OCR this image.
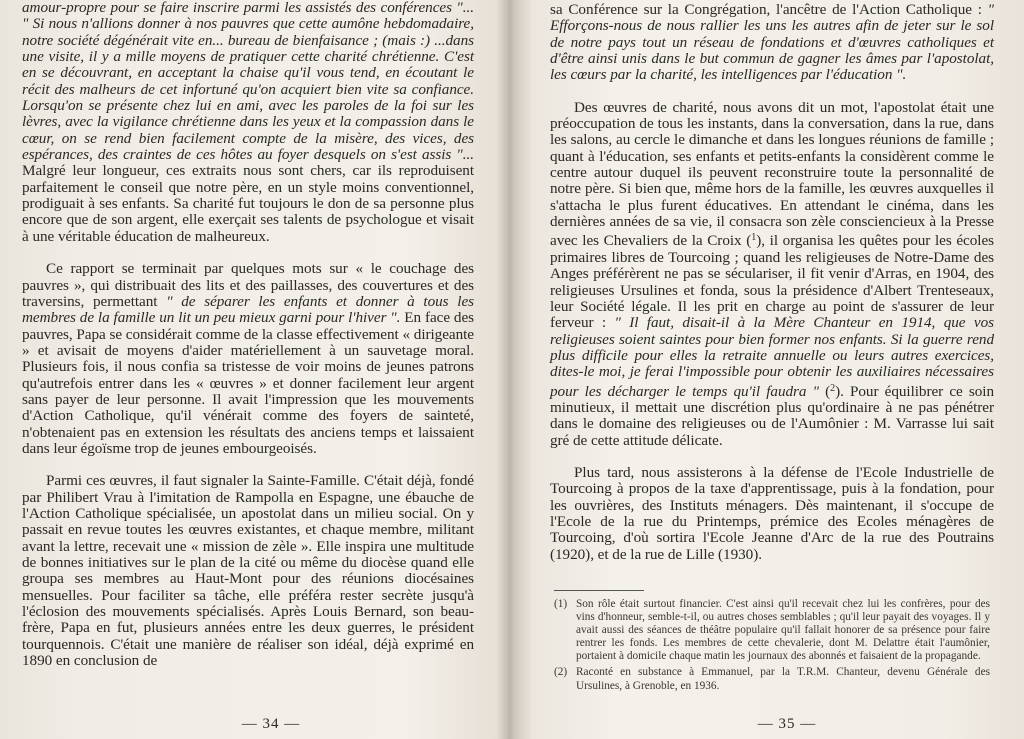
amour-propre pour se faire inscrire parmi les assistés des conférences "... " Si nous n'allions donner à nos pauvres que cette aumône hebdomadaire, notre société dégénérait vite en... bureau de bienfaisance ; (mais :) ...dans une visite, il y a mille moyens de pratiquer cette charité chrétienne. C'est en se découvrant, en acceptant la chaise qu'il vous tend, en écoutant le récit des malheurs de cet infortuné qu'on acquiert bien vite sa confiance. Lorsqu'on se présente chez lui en ami, avec les paroles de la foi sur les lèvres, avec la vigilance chrétienne dans les yeux et la compassion dans le cœur, on se rend bien facilement compte de la misère, des vices, des espérances, des craintes de ces hôtes au foyer desquels on s'est assis "... Malgré leur longueur, ces extraits nous sont chers, car ils reproduisent parfaitement le conseil que notre père, en un style moins conventionnel, prodiguait à ses enfants. Sa charité fut toujours le don de sa personne plus encore que de son argent, elle exerçait ses talents de psychologue et visait à une véritable éducation de malheureux.

Ce rapport se terminait par quelques mots sur « le couchage des pauvres », qui distribuait des lits et des paillasses, des couvertures et des traversins, permettant " de séparer les enfants et donner à tous les membres de la famille un lit un peu mieux garni pour l'hiver ". En face des pauvres, Papa se considérait comme de la classe effectivement « dirigeante » et avisait de moyens d'aider matériellement à un sauvetage moral. Plusieurs fois, il nous confia sa tristesse de voir moins de jeunes patrons qu'autrefois entrer dans les « œuvres » et donner facilement leur argent sans payer de leur personne. Il avait l'impression que les mouvements d'Action Catholique, qu'il vénérait comme des foyers de sainteté, n'obtenaient pas en extension les résultats des anciens temps et laissaient dans leur égoïsme trop de jeunes embourgeoisés.

Parmi ces œuvres, il faut signaler la Sainte-Famille. C'était déjà, fondé par Philibert Vrau à l'imitation de Rampolla en Espagne, une ébauche de l'Action Catholique spécialisée, un apostolat dans un milieu social. On y passait en revue toutes les œuvres existantes, et chaque membre, militant avant la lettre, recevait une « mission de zèle ». Elle inspira une multitude de bonnes initiatives sur le plan de la cité ou même du diocèse quand elle groupa ses membres au Haut-Mont pour des réunions diocésaines mensuelles. Pour faciliter sa tâche, elle préféra rester secrète jusqu'à l'éclosion des mouvements spécialisés. Après Louis Bernard, son beau-frère, Papa en fut, plusieurs années entre les deux guerres, le président tourquennois. C'était une manière de réaliser son idéal, déjà exprimé en 1890 en conclusion de

— 34 —

sa Conférence sur la Congrégation, l'ancêtre de l'Action Catholique : " Efforçons-nous de nous rallier les uns les autres afin de jeter sur le sol de notre pays tout un réseau de fondations et d'œuvres catholiques et d'être ainsi unis dans le but commun de gagner les âmes par l'apostolat, les cœurs par la charité, les intelligences par l'éducation ".

Des œuvres de charité, nous avons dit un mot, l'apostolat était une préoccupation de tous les instants, dans la conversation, dans la rue, dans les salons, au cercle le dimanche et dans les longues réunions de famille ; quant à l'éducation, ses enfants et petits-enfants la considèrent comme le centre autour duquel ils peuvent reconstruire toute la personnalité de notre père. Si bien que, même hors de la famille, les œuvres auxquelles il s'attacha le plus furent éducatives. En attendant le cinéma, dans les dernières années de sa vie, il consacra son zèle consciencieux à la Presse avec les Chevaliers de la Croix ($^1$), il organisa les quêtes pour les écoles primaires libres de Tourcoing ; quand les religieuses de Notre-Dame des Anges préférèrent ne pas se séculariser, il fit venir d'Arras, en 1904, des religieuses Ursulines et fonda, sous la présidence d'Albert Trenteseaux, leur Société légale. Il les prit en charge au point de s'assurer de leur ferveur : " Il faut, disait-il à la Mère Chanteur en 1914, que vos religieuses soient saintes pour bien former nos enfants. Si la guerre rend plus difficile pour elles la retraite annuelle ou leurs autres exercices, dites-le moi, je ferai l'impossible pour obtenir les auxiliaires nécessaires pour les décharger le temps qu'il faudra " ($^2$). Pour équilibrer ce soin minutieux, il mettait une discrétion plus qu'ordinaire à ne pas pénétrer dans le domaine des religieuses ou de l'Aumônier : M. Varrasse lui sait gré de cette attitude délicate.

Plus tard, nous assisterons à la défense de l'Ecole Industrielle de Tourcoing à propos de la taxe d'apprentissage, puis à la fondation, pour les ouvrières, des Instituts ménagers. Dès maintenant, il s'occupe de l'Ecole de la rue du Printemps, prémice des Ecoles ménagères de Tourcoing, d'où sortira l'Ecole Jeanne d'Arc de la rue des Poutrains (1920), et de la rue de Lille (1930).

(1) Son rôle était surtout financier. C'est ainsi qu'il recevait chez lui les confrères, pour des vins d'honneur, semble-t-il, ou autres choses semblables ; qu'il leur payait des voyages. Il y avait aussi des séances de théâtre populaire qu'il fallait honorer de sa présence pour faire rentrer les fonds. Les membres de cette chevalerie, dont M. Delattre était l'aumônier, portaient à domicile chaque matin les journaux des abonnés et faisaient de la propagande.
(2) Raconté en substance à Emmanuel, par la T.R.M. Chanteur, devenu Générale des Ursulines, à Grenoble, en 1936.
— 35 —
